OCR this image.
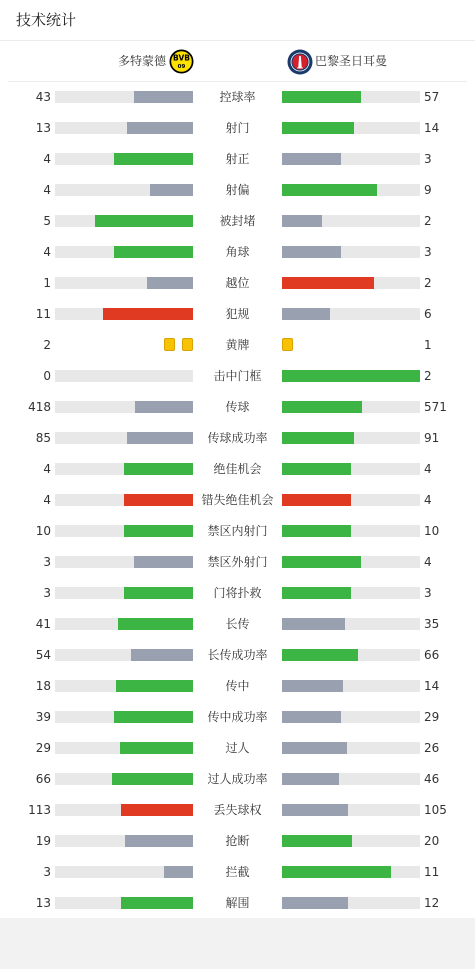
技术统计
多特蒙德 BVB
09	巴黎圣日耳曼
43	控球率	57
13	射门	14
4	射正	3
4	射偏	9
5	被封堵	2
4	角球	3
1	越位	2
11	犯规	6
2	黄牌	1
0	击中门框	2
418	传球	571
85	传球成功率	91
4	绝佳机会	4
4	错失绝佳机会	4
10	禁区内射门	10
3	禁区外射门	4
3	门将扑救	3
41	长传	35
54	长传成功率	66
18	传中	14
39	传中成功率	29
29	过人	26
66	过人成功率	46
113	丢失球权	105
19	抢断	20
3	拦截	11
13	解围	12
